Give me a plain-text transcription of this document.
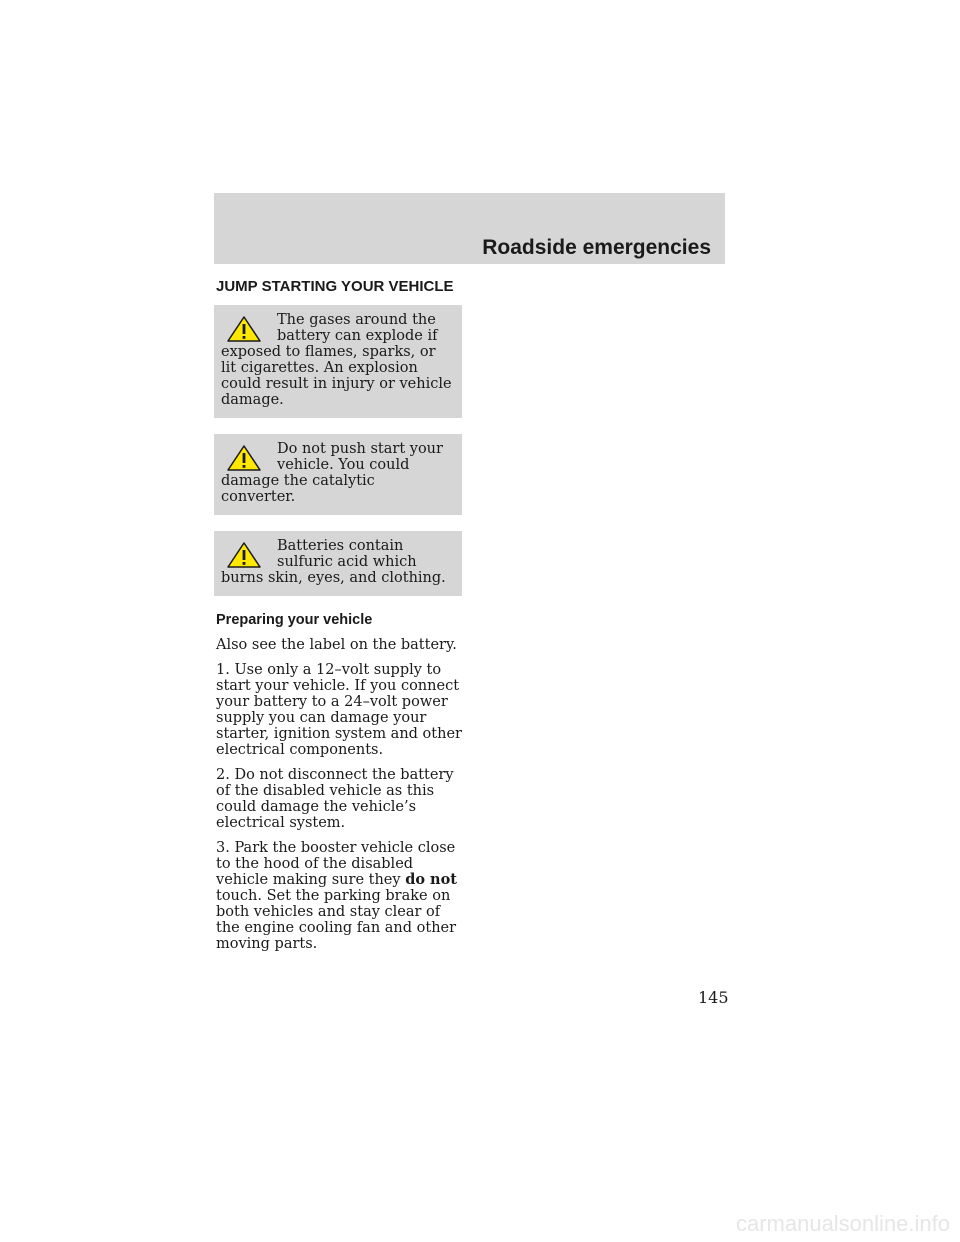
Roadside emergencies
JUMP STARTING YOUR VEHICLE
The gases around the battery can explode if exposed to flames, sparks, or lit cigarettes. An explosion could result in injury or vehicle damage.
Do not push start your vehicle. You could damage the catalytic converter.
Batteries contain sulfuric acid which burns skin, eyes, and clothing.
Preparing your vehicle

Also see the label on the battery.

1. Use only a 12–volt supply to start your vehicle. If you connect your battery to a 24–volt power supply you can damage your starter, ignition system and other electrical components.

2. Do not disconnect the battery of the disabled vehicle as this could damage the vehicle’s electrical system.

3. Park the booster vehicle close to the hood of the disabled vehicle making sure they do not touch. Set the parking brake on both vehicles and stay clear of the engine cooling fan and other moving parts.

145
carmanualsonline.info
